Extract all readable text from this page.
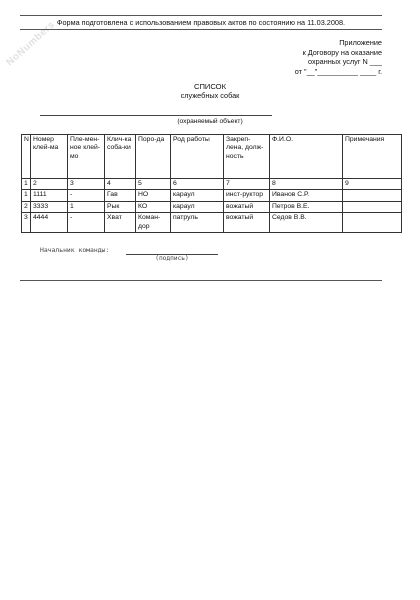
NoNumbers Форма подготовлена с использованием правовых актов по состоянию на 11.03.2008.
Приложение
к Договору на оказание
охранных услуг N ___
от "__"__________ ____ г.
СПИСОК
служебных собак
(охраняемый объект)
N	Номер клей-ма	Пле-мен-ное клей-мо	Клич-ка соба-ки	Поро-да	Род работы	Закреп-лена, долж-ность	Ф.И.О.	Примечания
1	2	3	4	5	6	7	8	9
1	1111	-	Гав	НО	караул	инст-руктор	Иванов С.Р.	
2	3333	1	Рык	КО	караул	вожатый	Петров В.Е.	
3	4444	-	Хват	Коман-дор	патруль	вожатый	Седов В.В.	
Начальник команды:
(подпись)
